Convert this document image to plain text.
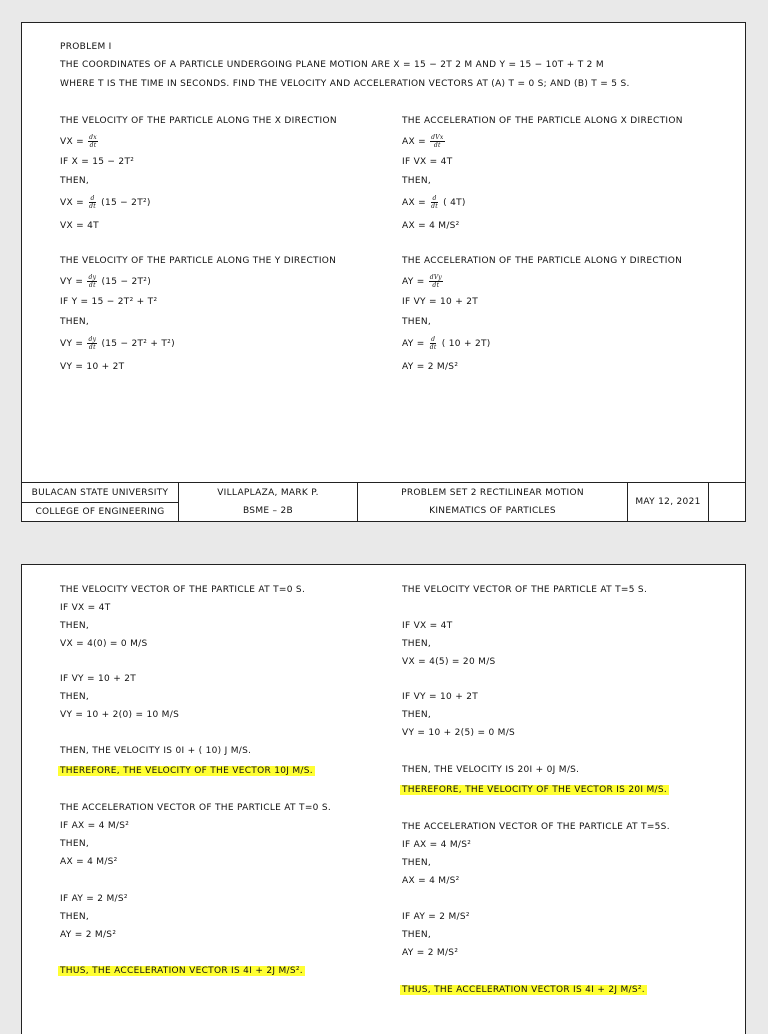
PROBLEM I
THE COORDINATES OF A PARTICLE UNDERGOING PLANE MOTION ARE X = 15 − 2T 2 M AND Y = 15 − 10T + T 2 M
WHERE T IS THE TIME IN SECONDS. FIND THE VELOCITY AND ACCELERATION VECTORS AT (A) T = 0 S; AND (B) T = 5 S.
THE VELOCITY OF THE PARTICLE ALONG THE X DIRECTION
VX = $\frac{dx}{dt}$
IF X = 15 − 2T²
THEN,
VX = $\frac{d}{dt} (15 - 2T^2)$
VX = 4T
THE VELOCITY OF THE PARTICLE ALONG THE Y DIRECTION
VY = $\frac{dy}{dt} (15 - 2T^2)$
IF Y = 15 − 2T² + T²
THEN,
VY = $\frac{dy}{dt} (15 - 2T^2 + T^2)$
VY = 10 + 2T
THE ACCELERATION OF THE PARTICLE ALONG X DIRECTION
AX = $\frac{\text{dVx}}{dt}$
IF VX = 4T
THEN,
AX = $\frac{d}{dt}$ ( 4T)
AX = 4 M/S²
THE ACCELERATION OF THE PARTICLE ALONG Y DIRECTION
AY = $\frac{\text{dVy}}{dt}$
IF VY = 10 + 2T
THEN,
AY = $\frac{d}{dt}$ ( 10 + 2T)
AY = 2 M/S²
BULACAN STATE UNIVERSITY
COLLEGE OF ENGINEERING
VILLAPLAZA, MARK P.
BSME – 2B
PROBLEM SET 2 RECTILINEAR MOTION
KINEMATICS OF PARTICLES
MAY 12, 2021
THE VELOCITY VECTOR OF THE PARTICLE AT T=0 S.
IF VX = 4T
THEN,
VX = 4(0) = 0 M/S
IF VY = 10 + 2T
THEN,
VY = 10 + 2(0) = 10 M/S
THEN, THE VELOCITY IS 0I + ( 10) J M/S.
THEREFORE, THE VELOCITY OF THE VECTOR 10J M/S.
THE ACCELERATION VECTOR OF THE PARTICLE AT T=0 S.
IF AX = 4 M/S²
THEN,
AX = 4 M/S²
IF AY = 2 M/S²
THEN,
AY = 2 M/S²
THUS, THE ACCELERATION VECTOR IS 4I + 2J M/S².
THE VELOCITY VECTOR OF THE PARTICLE AT T=5 S.
IF VX = 4T
THEN,
VX = 4(5) = 20 M/S
IF VY = 10 + 2T
THEN,
VY = 10 + 2(5) = 0 M/S
THEN, THE VELOCITY IS 20I + 0J M/S.
THEREFORE, THE VELOCITY OF THE VECTOR IS 20I M/S.
THE ACCELERATION VECTOR OF THE PARTICLE AT T=5S.
IF AX = 4 M/S²
THEN,
AX = 4 M/S²
IF AY = 2 M/S²
THEN,
AY = 2 M/S²
THUS, THE ACCELERATION VECTOR IS 4I + 2J M/S².
